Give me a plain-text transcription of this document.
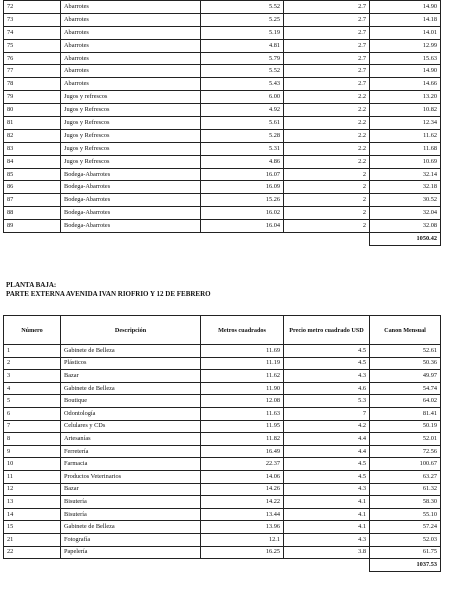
72	Abarrotes	5.52	2.7	14.90
73	Abarrotes	5.25	2.7	14.18
74	Abarrotes	5.19	2.7	14.01
75	Abarrotes	4.81	2.7	12.99
76	Abarrotes	5.79	2.7	15.63
77	Abarrotes	5.52	2.7	14.90
78	Abarrotes	5.43	2.7	14.66
79	Jugos y refrescos	6.00	2.2	13.20
80	Jugos y Refrescos	4.92	2.2	10.82
81	Jugos y Refrescos	5.61	2.2	12.34
82	Jugos y Refrescos	5.28	2.2	11.62
83	Jugos y Refrescos	5.31	2.2	11.68
84	Jugos y Refrescos	4.86	2.2	10.69
85	Bodega-Abarrotes	16.07	2	32.14
86	Bodega-Abarrotes	16.09	2	32.18
87	Bodega-Abarrotes	15.26	2	30.52
88	Bodega-Abarrotes	16.02	2	32.04
89	Bodega-Abarrotes	16.04	2	32.08
				1050.42
PLANTA BAJA:
PARTE EXTERNA AVENIDA IVAN RIOFRIO Y 12 DE FEBRERO
Número	Descripción	Metros cuadrados	Precio metro cuadrado USD	Canon Mensual
1	Gabinete de Belleza	11.69	4.5	52.61
2	Plásticos	11.19	4.5	50.36
3	Bazar	11.62	4.3	49.97
4	Gabinete de Belleza	11.90	4.6	54.74
5	Boutique	12.08	5.3	64.02
6	Odontología	11.63	7	81.41
7	Celulares y CDs	11.95	4.2	50.19
8	Artesanías	11.82	4.4	52.01
9	Ferretería	16.49	4.4	72.56
10	Farmacia	22.37	4.5	100.67
11	Productos Veterinarios	14.06	4.5	63.27
12	Bazar	14.26	4.3	61.32
13	Bisutería	14.22	4.1	58.30
14	Bisutería	13.44	4.1	55.10
15	Gabinete de Belleza	13.96	4.1	57.24
21	Fotografía	12.1	4.3	52.03
22	Papelería	16.25	3.8	61.75
				1037.53
